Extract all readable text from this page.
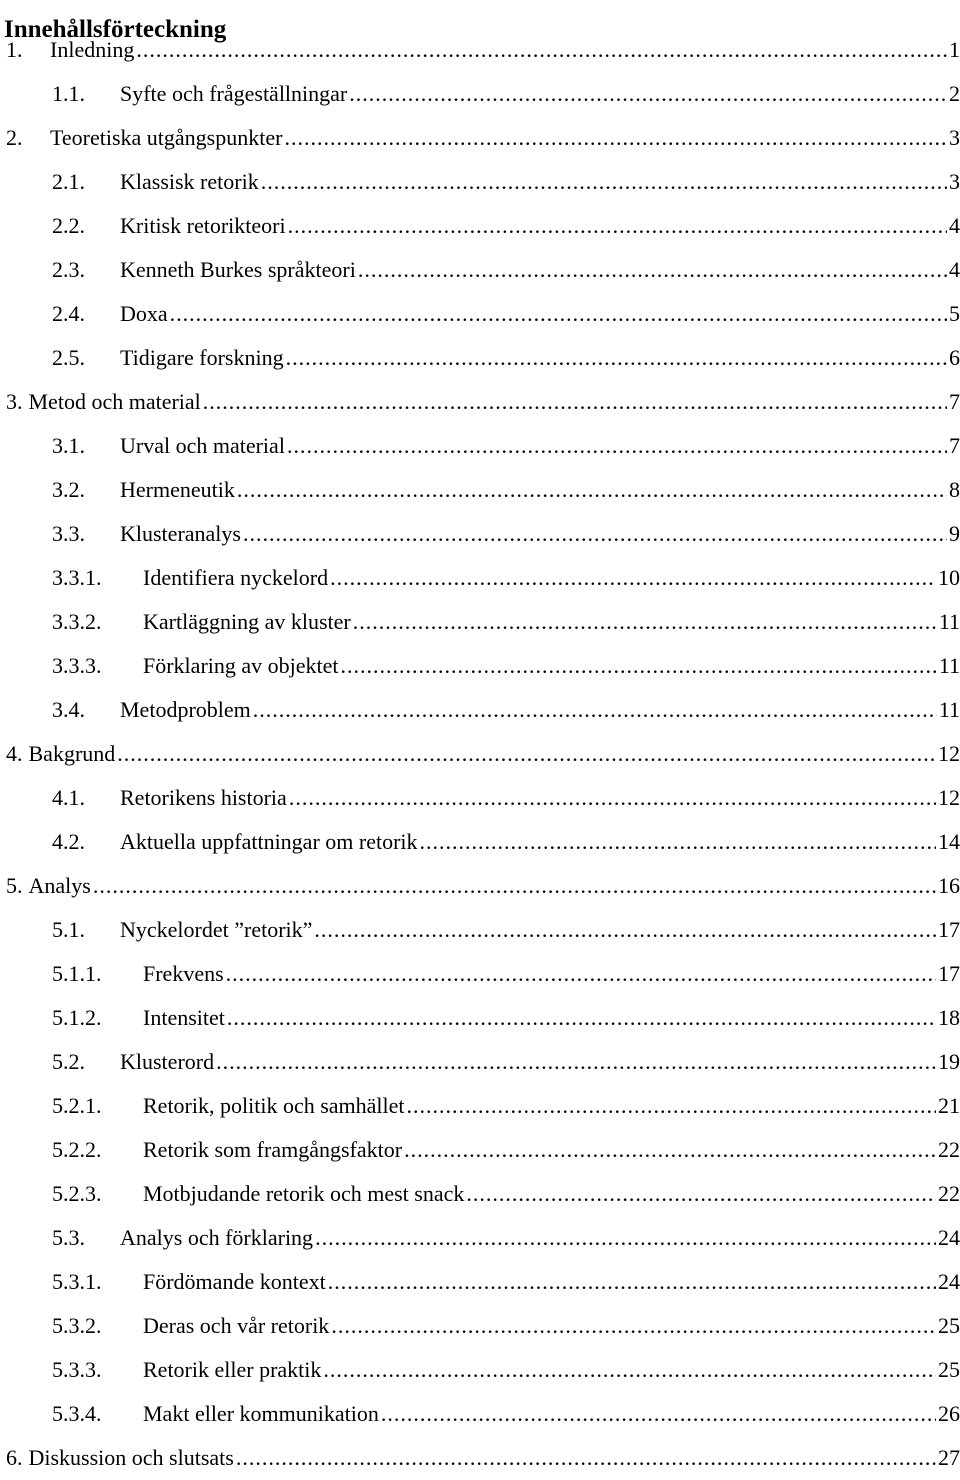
Innehållsförteckning
1.	Inledning .....	1
1.1.	Syfte och frågeställningar .....	2
2.	Teoretiska utgångspunkter .....	3
2.1.	Klassisk retorik .....	3
2.2.	Kritisk retorikteori .....	4
2.3.	Kenneth Burkes språkteori .....	4
2.4.	Doxa .....	5
2.5.	Tidigare forskning .....	6
3. Metod och material .....	7
3.1.	Urval och material .....	7
3.2.	Hermeneutik .....	8
3.3.	Klusteranalys .....	9
3.3.1.	Identifiera nyckelord .....	10
3.3.2.	Kartläggning av kluster .....	11
3.3.3.	Förklaring av objektet .....	11
3.4.	Metodproblem .....	11
4. Bakgrund .....	12
4.1.	Retorikens historia .....	12
4.2.	Aktuella uppfattningar om retorik .....	14
5. Analys .....	16
5.1.	Nyckelordet ”retorik” .....	17
5.1.1.	Frekvens .....	17
5.1.2.	Intensitet .....	18
5.2.	Klusterord .....	19
5.2.1.	Retorik, politik och samhället .....	21
5.2.2.	Retorik som framgångsfaktor .....	22
5.2.3.	Motbjudande retorik och mest snack .....	22
5.3.	Analys och förklaring .....	24
5.3.1.	Fördömande kontext .....	24
5.3.2.	Deras och vår retorik .....	25
5.3.3.	Retorik eller praktik .....	25
5.3.4.	Makt eller kommunikation .....	26
6. Diskussion och slutsats .....	27
